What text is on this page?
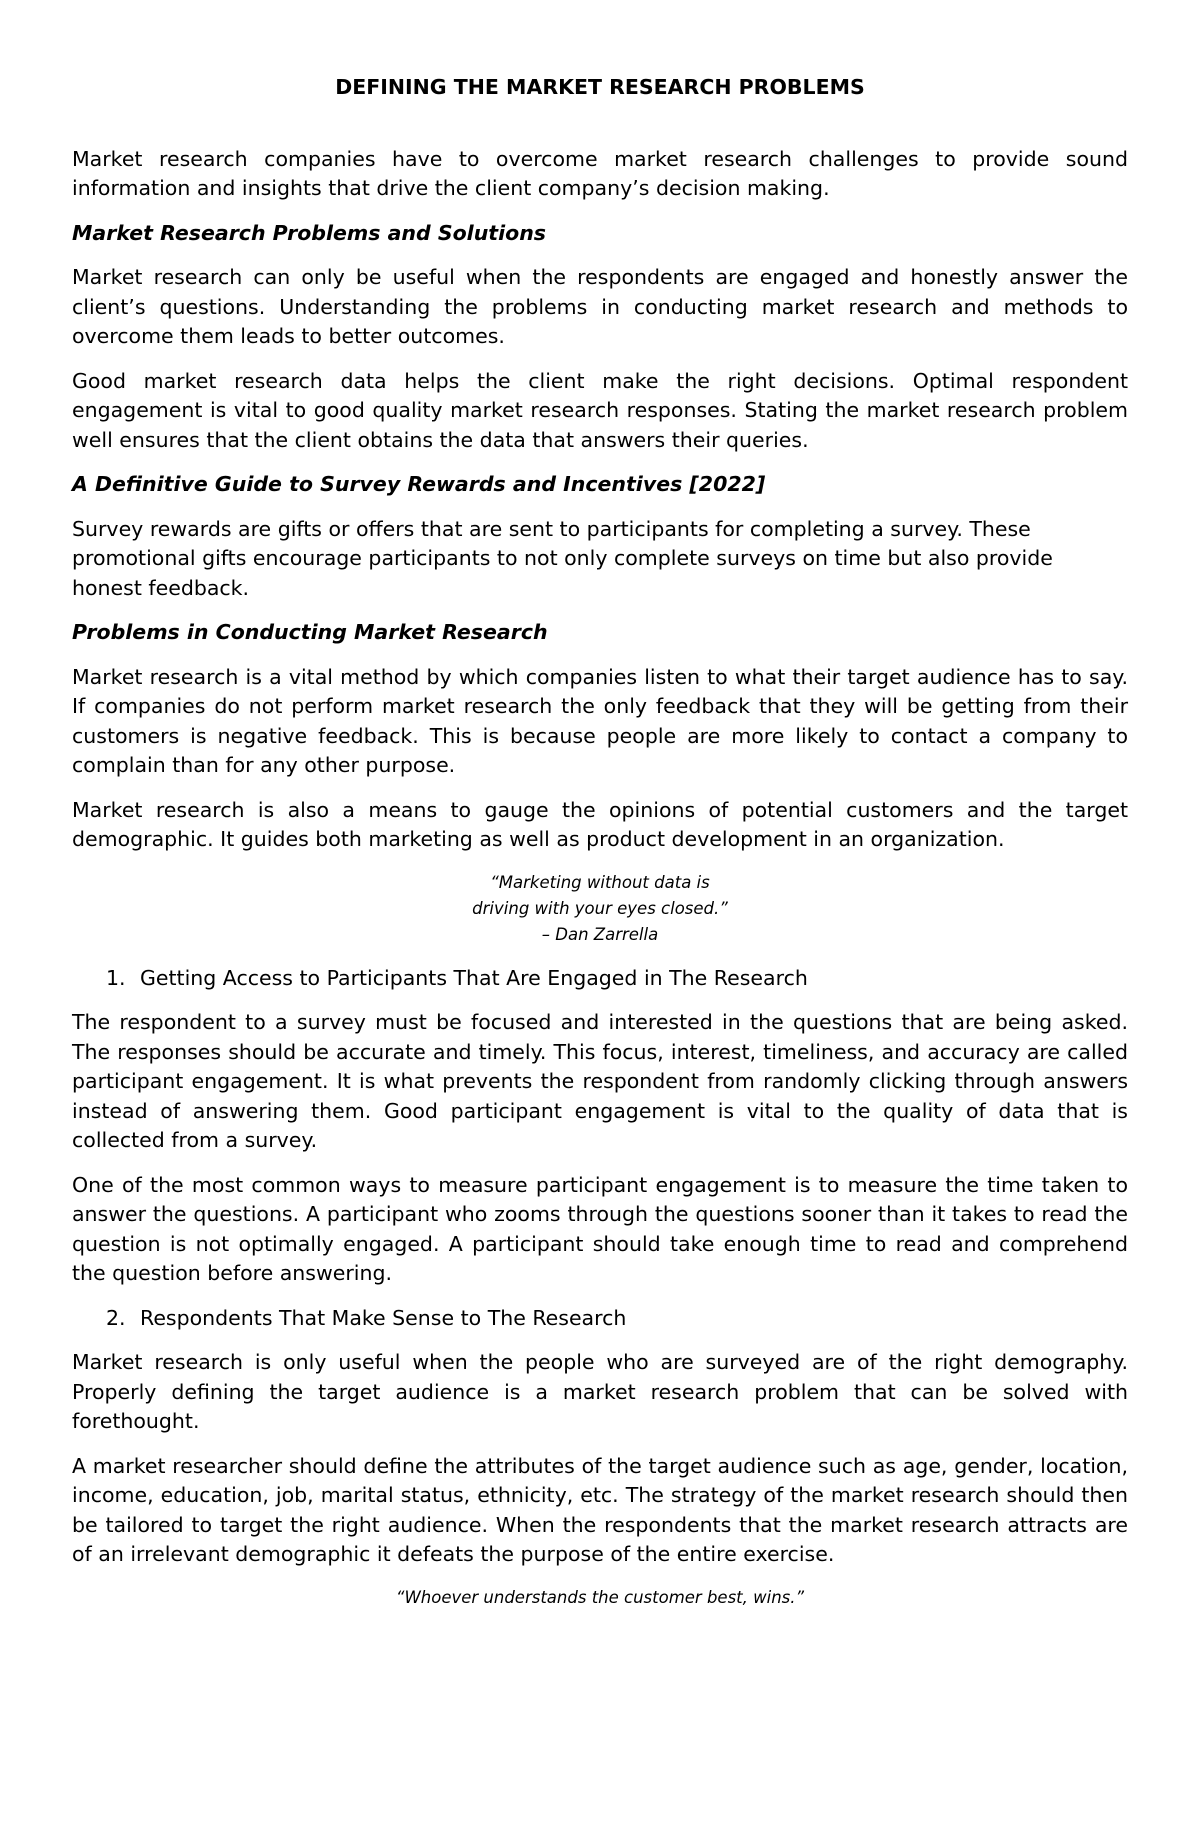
DEFINING THE MARKET RESEARCH PROBLEMS

Market research companies have to overcome market research challenges to provide sound information and insights that drive the client company’s decision making.

Market Research Problems and Solutions

Market research can only be useful when the respondents are engaged and honestly answer the client’s questions. Understanding the problems in conducting market research and methods to overcome them leads to better outcomes.

Good market research data helps the client make the right decisions. Optimal respondent engagement is vital to good quality market research responses. Stating the market research problem well ensures that the client obtains the data that answers their queries.

A Definitive Guide to Survey Rewards and Incentives [2022]

Survey rewards are gifts or offers that are sent to participants for completing a survey. These promotional gifts encourage participants to not only complete surveys on time but also provide honest feedback.

Problems in Conducting Market Research

Market research is a vital method by which companies listen to what their target audience has to say. If companies do not perform market research the only feedback that they will be getting from their customers is negative feedback. This is because people are more likely to contact a company to complain than for any other purpose.

Market research is also a means to gauge the opinions of potential customers and the target demographic. It guides both marketing as well as product development in an organization.

“Marketing without data is
driving with your eyes closed.”
– Dan Zarrella
1. Getting Access to Participants That Are Engaged in The Research

The respondent to a survey must be focused and interested in the questions that are being asked. The responses should be accurate and timely. This focus, interest, timeliness, and accuracy are called participant engagement. It is what prevents the respondent from randomly clicking through answers instead of answering them. Good participant engagement is vital to the quality of data that is collected from a survey.

One of the most common ways to measure participant engagement is to measure the time taken to answer the questions. A participant who zooms through the questions sooner than it takes to read the question is not optimally engaged. A participant should take enough time to read and comprehend the question before answering.

2. Respondents That Make Sense to The Research

Market research is only useful when the people who are surveyed are of the right demography. Properly defining the target audience is a market research problem that can be solved with forethought.

A market researcher should define the attributes of the target audience such as age, gender, location, income, education, job, marital status, ethnicity, etc. The strategy of the market research should then be tailored to target the right audience. When the respondents that the market research attracts are of an irrelevant demographic it defeats the purpose of the entire exercise.

“Whoever understands the customer best, wins.”
